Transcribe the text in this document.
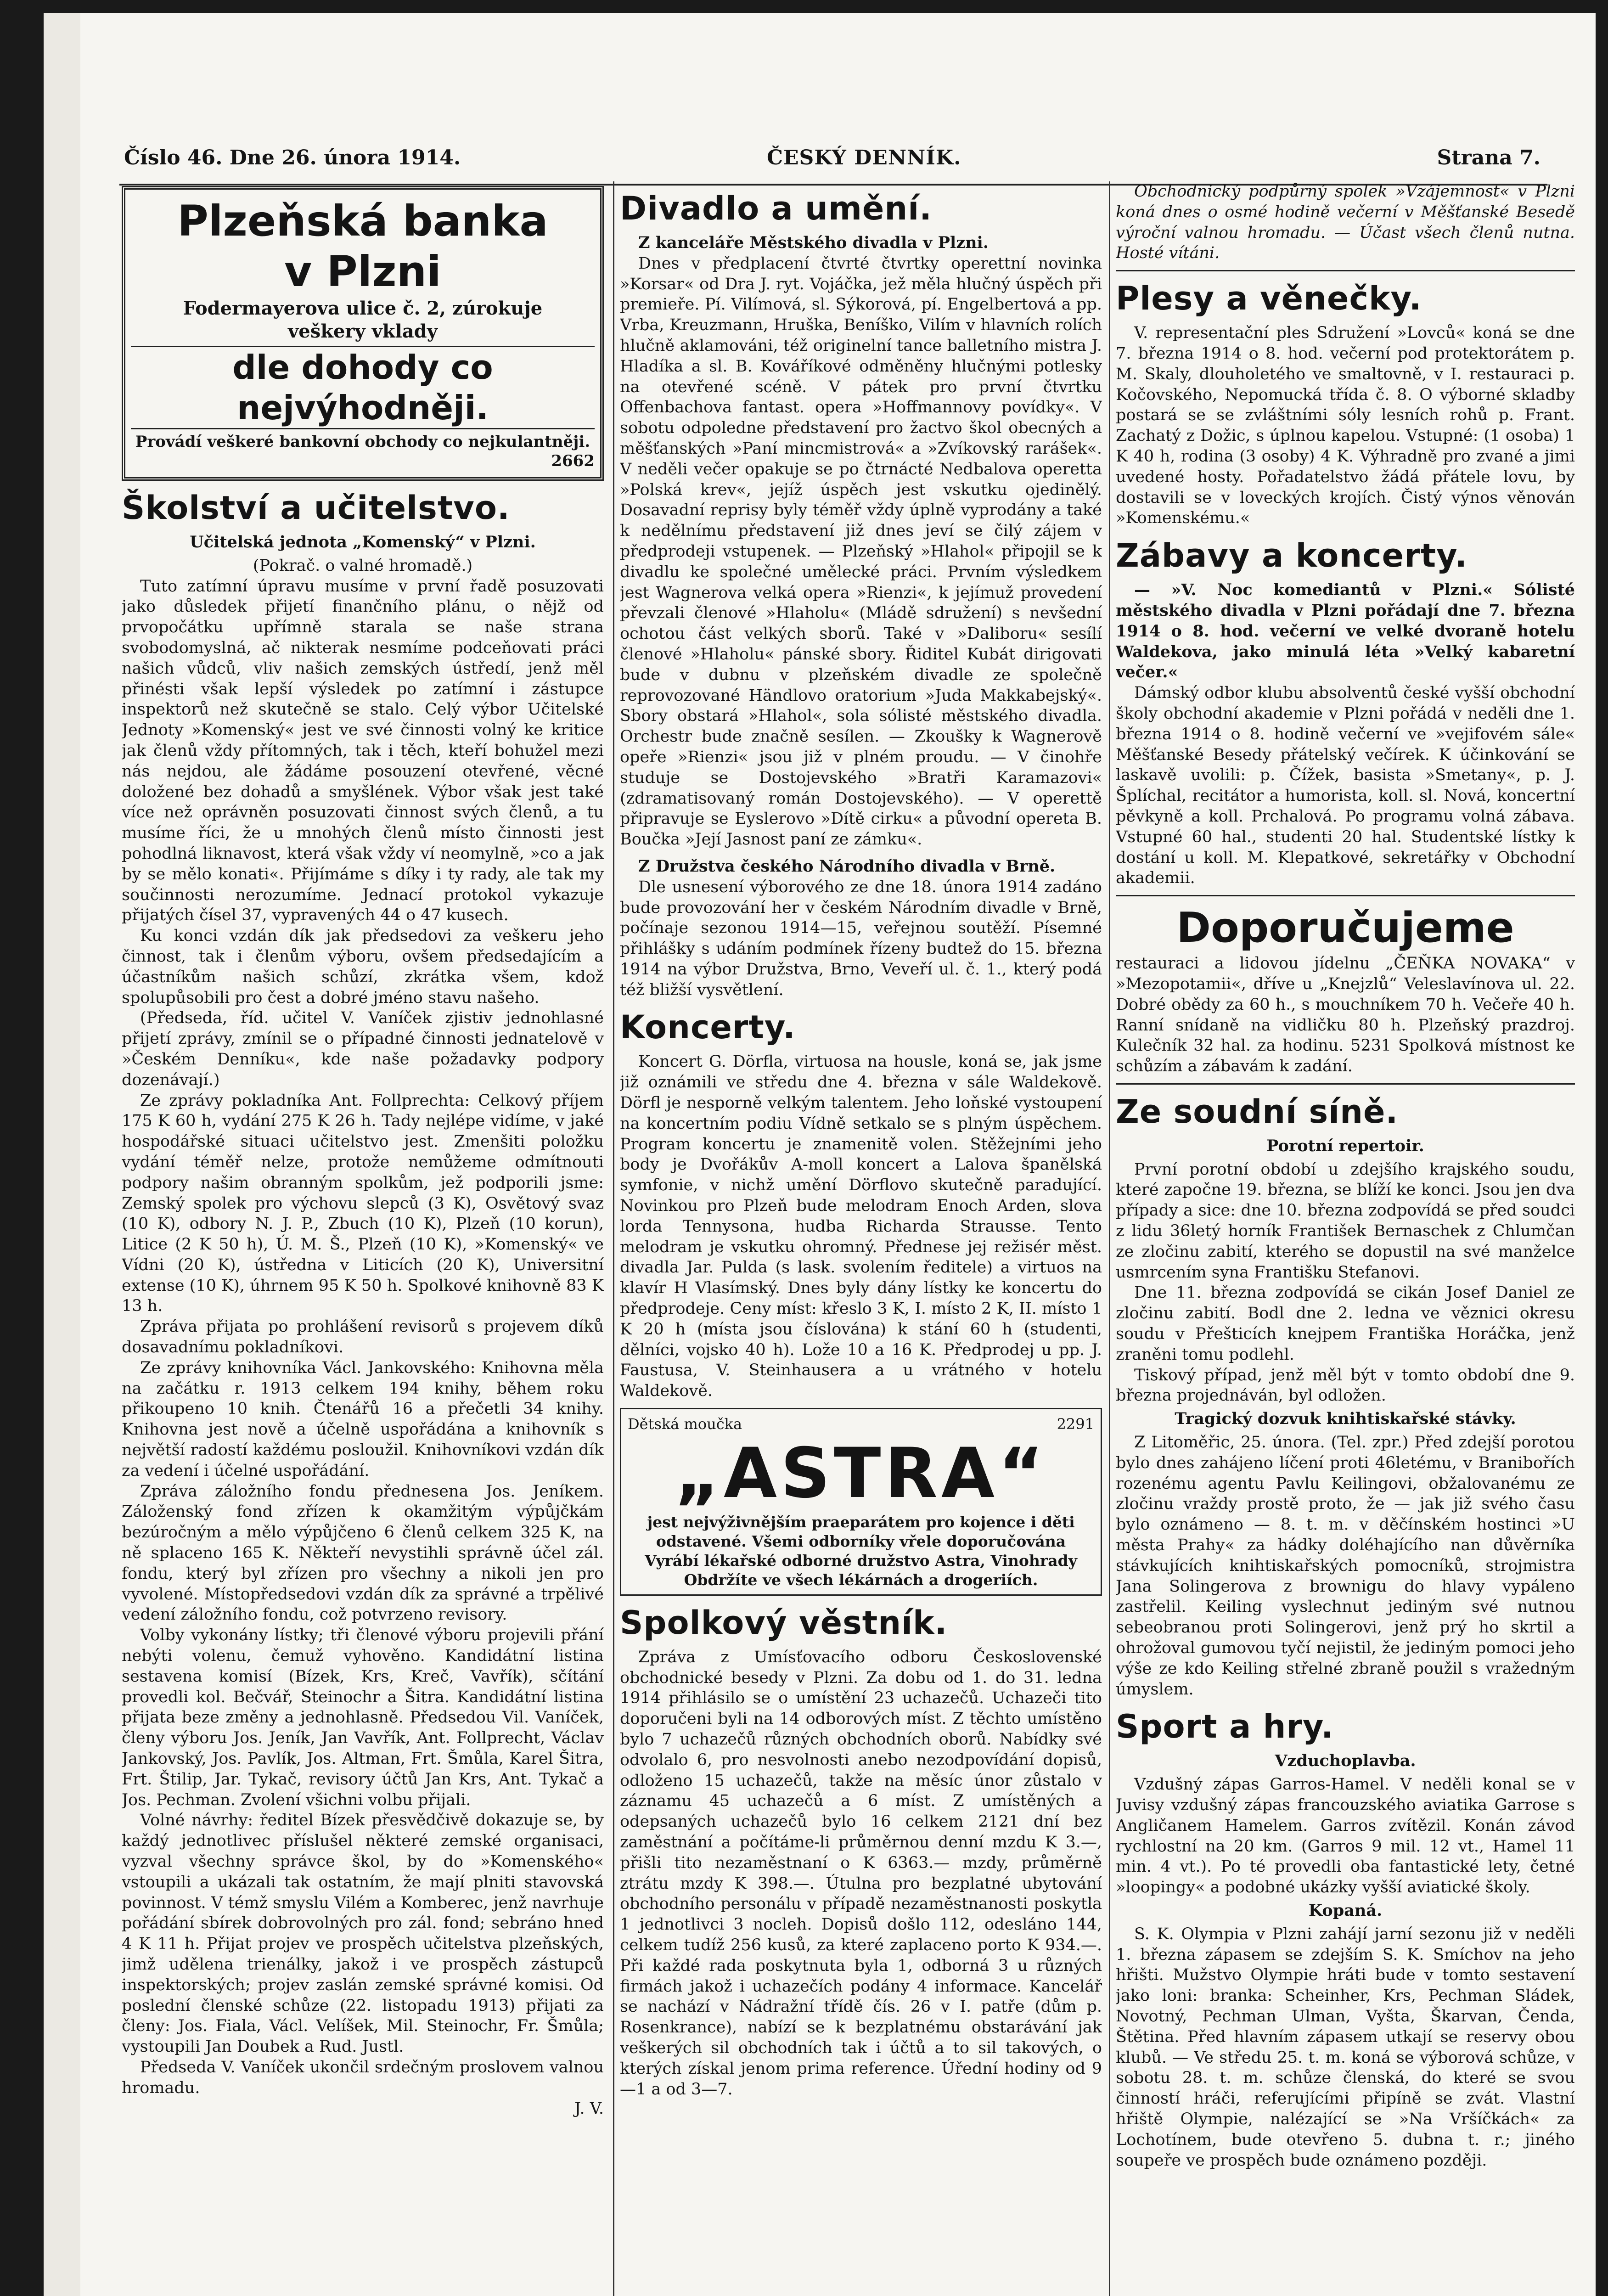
Číslo 46. Dne 26. února 1914.	ČESKÝ DENNÍK.	Strana 7.
Plzeňská banka
v Plzni
Fodermayerova ulice č. 2, zúrokuje
veškery vklady
dle dohody co nejvýhodněji.
Provádí veškeré bankovní obchody co nejkulantněji.
2662
Školství a učitelstvo.

Učitelská jednota „Komenský“ v Plzni.

(Pokrač. o valné hromadě.)

Tuto zatímní úpravu musíme v první řadě posuzovati jako důsledek přijetí finančního plánu, o nějž od prvopočátku upřímně starala se naše strana svobodomyslná, ač nikterak nesmíme podceňovati práci našich vůdců, vliv našich zemských ústředí, jenž měl přinésti však lepší výsledek po zatímní i zástupce inspektorů než skutečně se stalo. Celý výbor Učitelské Jednoty »Komenský« jest ve své činnosti volný ke kritice jak členů vždy přítomných, tak i těch, kteří bohužel mezi nás nejdou, ale žádáme posouzení otevřené, věcné doložené bez dohadů a smyšlének. Výbor však jest také více než oprávněn posuzovati činnost svých členů, a tu musíme říci, že u mnohých členů místo činnosti jest pohodlná liknavost, která však vždy ví neomylně, »co a jak by se mělo konati«. Přijímáme s díky i ty rady, ale tak my součinnosti nerozumíme. Jednací protokol vykazuje přijatých čísel 37, vypravených 44 o 47 kusech.

Ku konci vzdán dík jak předsedovi za veškeru jeho činnost, tak i členům výboru, ovšem předsedajícím a účastníkům našich schůzí, zkrátka všem, kdož spolupůsobili pro čest a dobré jméno stavu našeho.

(Předseda, říd. učitel V. Vaníček zjistiv jednohlasné přijetí zprávy, zmínil se o případné činnosti jednatelově v »Českém Denníku«, kde naše požadavky podpory dozenávají.)

Ze zprávy pokladníka Ant. Follprechta: Celkový příjem 175 K 60 h, vydání 275 K 26 h. Tady nejlépe vidíme, v jaké hospodářské situaci učitelstvo jest. Zmenšiti položku vydání téměř nelze, protože nemůžeme odmítnouti podpory našim obranným spolkům, jež podporili jsme: Zemský spolek pro výchovu slepců (3 K), Osvětový svaz (10 K), odbory N. J. P., Zbuch (10 K), Plzeň (10 korun), Litice (2 K 50 h), Ú. M. Š., Plzeň (10 K), »Komenský« ve Vídni (20 K), ústředna v Liticích (20 K), Universitní extense (10 K), úhrnem 95 K 50 h. Spolkové knihovně 83 K 13 h.

Zpráva přijata po prohlášení revisorů s projevem díků dosavadnímu pokladníkovi.

Ze zprávy knihovníka Václ. Jankovského: Knihovna měla na začátku r. 1913 celkem 194 knihy, během roku přikoupeno 10 knih. Čtenářů 16 a přečetli 34 knihy. Knihovna jest nově a účelně uspořádána a knihovník s největší radostí každému posloužil. Knihovníkovi vzdán dík za vedení i účelné uspořádání.

Zpráva záložního fondu přednesena Jos. Jeníkem. Záloženský fond zřízen k okamžitým výpůjčkám bezúročným a mělo výpůjčeno 6 členů celkem 325 K, na ně splaceno 165 K. Někteří nevystihli správně účel zál. fondu, který byl zřízen pro všechny a nikoli jen pro vyvolené. Místopředsedovi vzdán dík za správné a trpělivé vedení záložního fondu, což potvrzeno revisory.

Volby vykonány lístky; tři členové výboru projevili přání nebýti volenu, čemuž vyhověno. Kandidátní listina sestavena komisí (Bízek, Krs, Kreč, Vavřík), sčítání provedli kol. Bečvář, Steinochr a Šitra. Kandidátní listina přijata beze změny a jednohlasně. Předsedou Vil. Vaníček, členy výboru Jos. Jeník, Jan Vavřík, Ant. Follprecht, Václav Jankovský, Jos. Pavlík, Jos. Altman, Frt. Šmůla, Karel Šitra, Frt. Štilip, Jar. Tykač, revisory účtů Jan Krs, Ant. Tykač a Jos. Pechman. Zvolení všichni volbu přijali.

Volné návrhy: ředitel Bízek přesvědčivě dokazuje se, by každý jednotlivec příslušel některé zemské organisaci, vyzval všechny správce škol, by do »Komenského« vstoupili a ukázali tak ostatním, že mají plniti stavovská povinnost. V témž smyslu Vilém a Komberec, jenž navrhuje pořádání sbírek dobrovolných pro zál. fond; sebráno hned 4 K 11 h. Přijat projev ve prospěch učitelstva plzeňských, jimž udělena trienálky, jakož i ve prospěch zástupců inspektorských; projev zaslán zemské správné komisi. Od poslední členské schůze (22. listopadu 1913) přijati za členy: Jos. Fiala, Václ. Velíšek, Mil. Steinochr, Fr. Šmůla; vystoupili Jan Doubek a Rud. Justl.

Předseda V. Vaníček ukončil srdečným proslovem valnou hromadu.

J. V.

Divadlo a umění.

Z kanceláře Městského divadla v Plzni.

Dnes v předplacení čtvrté čtvrtky operettní novinka »Korsar« od Dra J. ryt. Vojáčka, jež měla hlučný úspěch při premieře. Pí. Vilímová, sl. Sýkorová, pí. Engelbertová a pp. Vrba, Kreuzmann, Hruška, Beníško, Vilím v hlavních rolích hlučně aklamováni, též originelní tance balletního mistra J. Hladíka a sl. B. Kováříkové odměněny hlučnými potlesky na otevřené scéně. V pátek pro první čtvrtku Offenbachova fantast. opera »Hoffmannovy povídky«. V sobotu odpoledne představení pro žactvo škol obecných a měšťanských »Paní mincmistrová« a »Zvíkovský rarášek«. V neděli večer opakuje se po čtrnácté Nedbalova operetta »Polská krev«, jejíž úspěch jest vskutku ojedinělý. Dosavadní reprisy byly téměř vždy úplně vyprodány a také k nedělnímu představení již dnes jeví se čilý zájem v předprodeji vstupenek. — Plzeňský »Hlahol« připojil se k divadlu ke společné umělecké práci. Prvním výsledkem jest Wagnerova velká opera »Rienzi«, k jejímuž provedení převzali členové »Hlaholu« (Mládě sdružení) s nevšední ochotou část velkých sborů. Také v »Daliboru« sesílí členové »Hlaholu« pánské sbory. Řiditel Kubát dirigovati bude v dubnu v plzeňském divadle ze společně reprovozované Händlovo oratorium »Juda Makkabejský«. Sbory obstará »Hlahol«, sola sólisté městského divadla. Orchestr bude značně sesílen. — Zkoušky k Wagnerově opeře »Rienzi« jsou již v plném proudu. — V činohře studuje se Dostojevského »Bratři Karamazovi« (zdramatisovaný román Dostojevského). — V operettě připravuje se Eyslerovo »Dítě cirku« a původní opereta B. Boučka »Její Jasnost paní ze zámku«.

Z Družstva českého Národního divadla v Brně.

Dle usnesení výborového ze dne 18. února 1914 zadáno bude provozování her v českém Národním divadle v Brně, počínaje sezonou 1914—15, veřejnou soutěží. Písemné přihlášky s udáním podmínek řízeny budtež do 15. března 1914 na výbor Družstva, Brno, Veveří ul. č. 1., který podá též bližší vysvětlení.

Koncerty.

Koncert G. Dörfla, virtuosa na housle, koná se, jak jsme již oznámili ve středu dne 4. března v sále Waldekově. Dörfl je nesporně velkým talentem. Jeho loňské vystoupení na koncertním podiu Vídně setkalo se s plným úspěchem. Program koncertu je znamenitě volen. Stěžejními jeho body je Dvořákův A-moll koncert a Lalova španělská symfonie, v nichž umění Dörflovo skutečně paradující. Novinkou pro Plzeň bude melodram Enoch Arden, slova lorda Tennysona, hudba Richarda Strausse. Tento melodram je vskutku ohromný. Přednese jej režisér měst. divadla Jar. Pulda (s lask. svolením ředitele) a virtuos na klavír H Vlasímský. Dnes byly dány lístky ke koncertu do předprodeje. Ceny míst: křeslo 3 K, I. místo 2 K, II. místo 1 K 20 h (místa jsou číslována) k stání 60 h (studenti, dělníci, vojsko 40 h). Lože 10 a 16 K. Předprodej u pp. J. Faustusa, V. Steinhausera a u vrátného v hotelu Waldekově.

Dětská moučka	2291
„ASTRA“
jest nejvýživnějším praeparátem pro kojence i děti odstavené. Všemi odborníky vřele doporučována Vyrábí lékařské odborné družstvo Astra, Vinohrady Obdržíte ve všech lékárnách a drogeriích.
Spolkový věstník.

Zpráva z Umísťovacího odboru Československé obchodnické besedy v Plzni. Za dobu od 1. do 31. ledna 1914 přihlásilo se o umístění 23 uchazečů. Uchazeči tito doporučeni byli na 14 odborových míst. Z těchto umístěno bylo 7 uchazečů různých obchodních oborů. Nabídky své odvolalo 6, pro nesvolnosti anebo nezodpovídání dopisů, odloženo 15 uchazečů, takže na měsíc únor zůstalo v záznamu 45 uchazečů a 6 míst. Z umístěných a odepsaných uchazečů bylo 16 celkem 2121 dní bez zaměstnání a počítáme-li průměrnou denní mzdu K 3.—, přišli tito nezaměstnaní o K 6363.— mzdy, průměrně ztrátu mzdy K 398.—. Útulna pro bezplatné ubytování obchodního personálu v případě nezaměstnanosti poskytla 1 jednotlivci 3 nocleh. Dopisů došlo 112, odesláno 144, celkem tudíž 256 kusů, za které zaplaceno porto K 934.—. Při každé rada poskytnuta byla 1, odborná 3 u různých firmách jakož i uchazečích podány 4 informace. Kancelář se nachází v Nádražní třídě čís. 26 v I. patře (dům p. Rosenkrance), nabízí se k bezplatnému obstarávání jak veškerých sil obchodních tak i účtů a to sil takových, o kterých získal jenom prima reference. Úřední hodiny od 9—1 a od 3—7.

Obchodnický podpůrný spolek »Vzájemnost« v Plzni koná dnes o osmé hodině večerní v Měšťanské Besedě výroční valnou hromadu. — Účast všech členů nutna. Hosté vítáni.

Plesy a věnečky.

V. representační ples Sdružení »Lovců« koná se dne 7. března 1914 o 8. hod. večerní pod protektorátem p. M. Skaly, dlouholetého ve smaltovně, v I. restauraci p. Kočovského, Nepomucká třída č. 8. O výborné skladby postará se se zvláštními sóly lesních rohů p. Frant. Zachatý z Dožic, s úplnou kapelou. Vstupné: (1 osoba) 1 K 40 h, rodina (3 osoby) 4 K. Výhradně pro zvané a jimi uvedené hosty. Pořadatelstvo žádá přátele lovu, by dostavili se v loveckých krojích. Čistý výnos věnován »Komenskému.«

Zábavy a koncerty.

— »V. Noc komediantů v Plzni.« Sólisté městského divadla v Plzni pořádají dne 7. března 1914 o 8. hod. večerní ve velké dvoraně hotelu Waldekova, jako minulá léta »Velký kabaretní večer.«

Dámský odbor klubu absolventů české vyšší obchodní školy obchodní akademie v Plzni pořádá v neděli dne 1. března 1914 o 8. hodině večerní ve »vejifovém sále« Měšťanské Besedy přátelský večírek. K účinkování se laskavě uvolili: p. Čížek, basista »Smetany«, p. J. Šplíchal, recitátor a humorista, koll. sl. Nová, koncertní pěvkyně a koll. Prchalová. Po programu volná zábava. Vstupné 60 hal., studenti 20 hal. Studentské lístky k dostání u koll. M. Klepatkové, sekretářky v Obchodní akademii.

Doporučujeme

restauraci a lidovou jídelnu „ČEŇKA NOVAKA“ v »Mezopotamii«, dříve u „Knejzlů“ Veleslavínova ul. 22. Dobré obědy za 60 h., s mouchníkem 70 h. Večeře 40 h. Ranní snídaně na vidličku 80 h. Plzeňský prazdroj. Kulečník 32 hal. za hodinu. 5231 Spolková místnost ke schůzím a zábavám k zadání.

Ze soudní síně.

Porotní repertoir.

První porotní období u zdejšího krajského soudu, které započne 19. března, se blíží ke konci. Jsou jen dva případy a sice: dne 10. března zodpovídá se před soudci z lidu 36letý horník František Bernaschek z Chlumčan ze zločinu zabití, kterého se dopustil na své manželce usmrcením syna Františku Stefanovi.

Dne 11. března zodpovídá se cikán Josef Daniel ze zločinu zabití. Bodl dne 2. ledna ve věznici okresu soudu v Přešticích knejpem Františka Horáčka, jenž zraněni tomu podlehl.

Tiskový případ, jenž měl být v tomto období dne 9. března projednáván, byl odložen.

Tragický dozvuk knihtiskařské stávky.

Z Litoměřic, 25. února. (Tel. zpr.) Před zdejší porotou bylo dnes zahájeno líčení proti 46letému, v Branibořích rozenému agentu Pavlu Keilingovi, obžalovanému ze zločinu vraždy prostě proto, že — jak již svého času bylo oznámeno — 8. t. m. v děčínském hostinci »U města Prahy« za hádky doléhajícího nan důvěrníka stávkujících knihtiskařských pomocníků, strojmistra Jana Solingerova z brownigu do hlavy vypáleno zastřelil. Keiling vyslechnut jediným své nutnou sebeobranou proti Solingerovi, jenž prý ho skrtil a ohrožoval gumovou tyčí nejistil, že jediným pomoci jeho výše ze kdo Keiling střelné zbraně použil s vražedným úmyslem.

Sport a hry.

Vzduchoplavba.

Vzdušný zápas Garros-Hamel. V neděli konal se v Juvisy vzdušný zápas francouzského aviatika Garrose s Angličanem Hamelem. Garros zvítězil. Konán závod rychlostní na 20 km. (Garros 9 mil. 12 vt., Hamel 11 min. 4 vt.). Po té provedli oba fantastické lety, četné »loopingy« a podobné ukázky vyšší aviatické školy.

Kopaná.

S. K. Olympia v Plzni zahájí jarní sezonu již v neděli 1. března zápasem se zdejším S. K. Smíchov na jeho hřišti. Mužstvo Olympie hráti bude v tomto sestavení jako loni: branka: Scheinher, Krs, Pechman Sládek, Novotný, Pechman Ulman, Vyšta, Škarvan, Čenda, Štětina. Před hlavním zápasem utkají se reservy obou klubů. — Ve středu 25. t. m. koná se výborová schůze, v sobotu 28. t. m. schůze členská, do které se svou činností hráči, referujícími připíně se zvát. Vlastní hřiště Olympie, nalézající se »Na Vršíčkách« za Lochotínem, bude otevřeno 5. dubna t. r.; jiného soupeře ve prospěch bude oznámeno později.
